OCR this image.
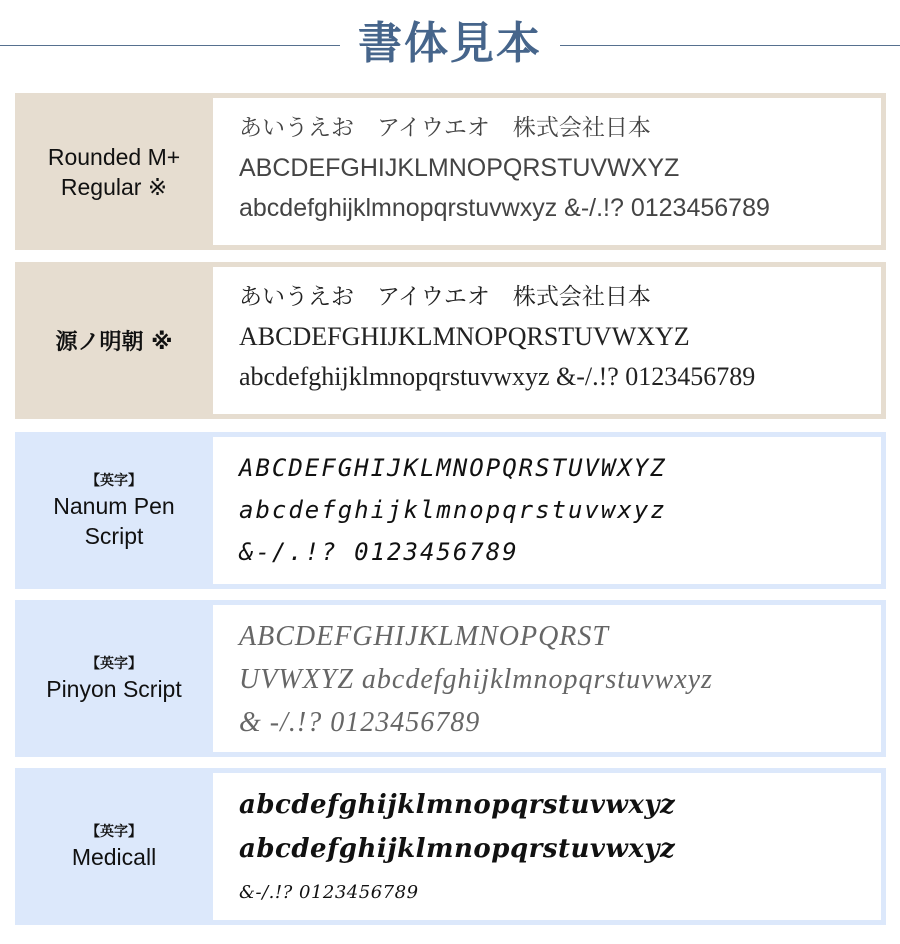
書体見本
Rounded M+
Regular ※
あいうえお　アイウエオ　株式会社日本
ABCDEFGHIJKLMNOPQRSTUVWXYZ
abcdefghijklmnopqrstuvwxyz &-/.!? 0123456789
源ノ明朝 ※
あいうえお　アイウエオ　株式会社日本
ABCDEFGHIJKLMNOPQRSTUVWXYZ
abcdefghijklmnopqrstuvwxyz &-/.!? 0123456789
【英字】
Nanum Pen
Script
ABCDEFGHIJKLMNOPQRSTUVWXYZ
abcdefghijklmnopqrstuvwxyz
&-/.!? 0123456789
【英字】
Pinyon Script
ABCDEFGHIJKLMNOPQRST
UVWXYZ abcdefghijklmnopqrstuvwxyz
& -/.!? 0123456789
【英字】
Medicall
abcdefghijklmnopqrstuvwxyz
abcdefghijklmnopqrstuvwxyz
&-/.!? 0123456789
